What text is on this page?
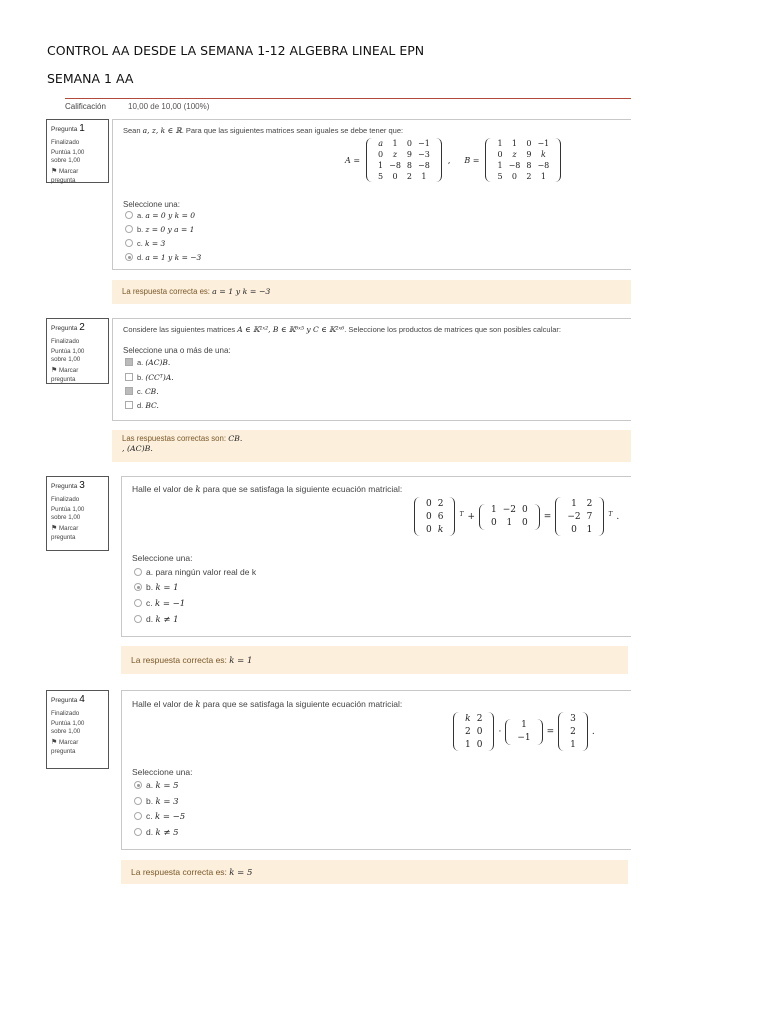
CONTROL AA DESDE LA SEMANA 1-12 ALGEBRA LINEAL EPN
SEMANA 1 AA
Calificación	10,00 de 10,00 (100%)
Pregunta 1
Finalizado
Puntúa 1,00
sobre 1,00
⚑ Marcar
pregunta
Sean a, z, k ∈ ℝ. Para que las siguientes matrices sean iguales se debe tener que:
A =
a	1	0	−1
0	z	9	−3
1	−8	8	−8
5	0	2	1
, B =
1	1	0	−1
0	z	9	k
1	−8	8	−8
5	0	2	1
Seleccione una:
a. a = 0 y k = 0
b. z = 0 y a = 1
c. k = 3
d. a = 1 y k = −3
La respuesta correcta es: a = 1 y k = −3
Pregunta 2
Finalizado
Puntúa 1,00
sobre 1,00
⚑ Marcar
pregunta
Considere las siguientes matrices A ∈ 𝕂¹ˣ², B ∈ 𝕂⁶ˣ⁵ y C ∈ 𝕂²ˣ⁶. Seleccione los productos de matrices que son posibles calcular:
Seleccione una o más de una:
a. (AC)B.
b. (CCᵀ)A.
c. CB.
d. BC.
Las respuestas correctas son: CB.
, (AC)B.
Pregunta 3
Finalizado
Puntúa 1,00
sobre 1,00
⚑ Marcar
pregunta
Halle el valor de k para que se satisfaga la siguiente ecuación matricial:
0	2
0	6
0	k
T +
1	−2	0
0	1	0
=
1	2
−2	7
0	1
T .
Seleccione una:
a. para ningún valor real de k
b. k = 1
c. k = −1
d. k ≠ 1
La respuesta correcta es: k = 1
Pregunta 4
Finalizado
Puntúa 1,00
sobre 1,00
⚑ Marcar
pregunta
Halle el valor de k para que se satisfaga la siguiente ecuación matricial:
k	2
2	0
1	0
·
1
−1
=
3
2
1
.
Seleccione una:
a. k = 5
b. k = 3
c. k = −5
d. k ≠ 5
La respuesta correcta es: k = 5
